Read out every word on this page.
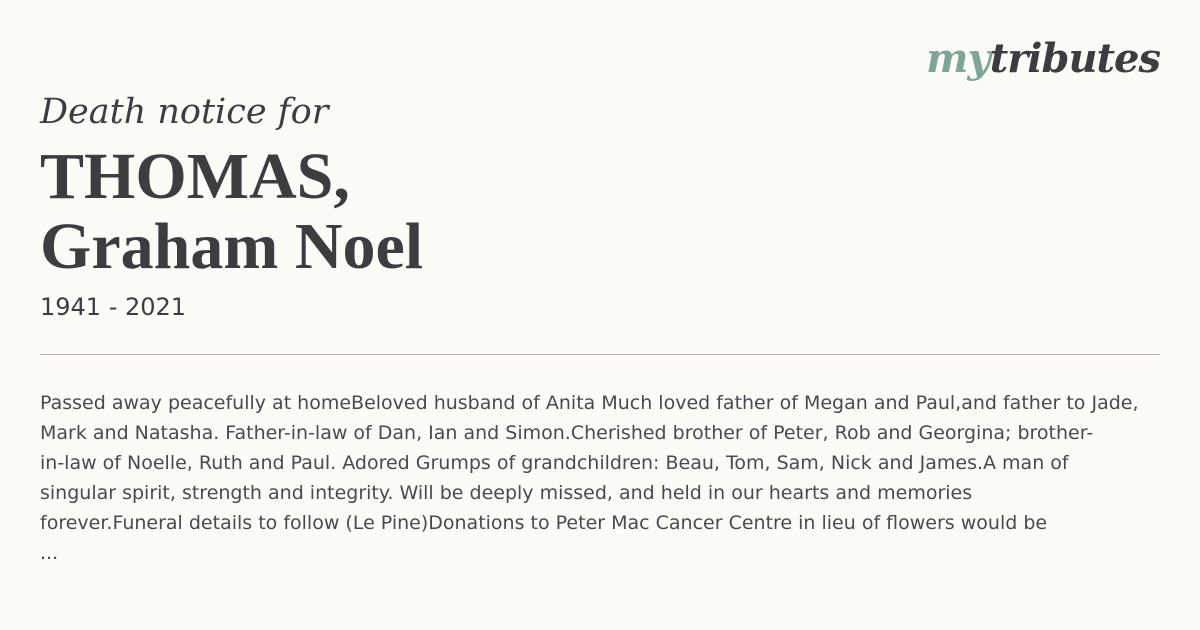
mytributes
Death notice for
THOMAS,
Graham Noel
1941 - 2021
Passed away peacefully at homeBeloved husband of Anita Much loved father of Megan and Paul,and father to Jade,
Mark and Natasha. Father-in-law of Dan, Ian and Simon.Cherished brother of Peter, Rob and Georgina; brother-
in-law of Noelle, Ruth and Paul. Adored Grumps of grandchildren: Beau, Tom, Sam, Nick and James.A man of
singular spirit, strength and integrity. Will be deeply missed, and held in our hearts and memories
forever.Funeral details to follow (Le Pine)Donations to Peter Mac Cancer Centre in lieu of flowers would be
...
